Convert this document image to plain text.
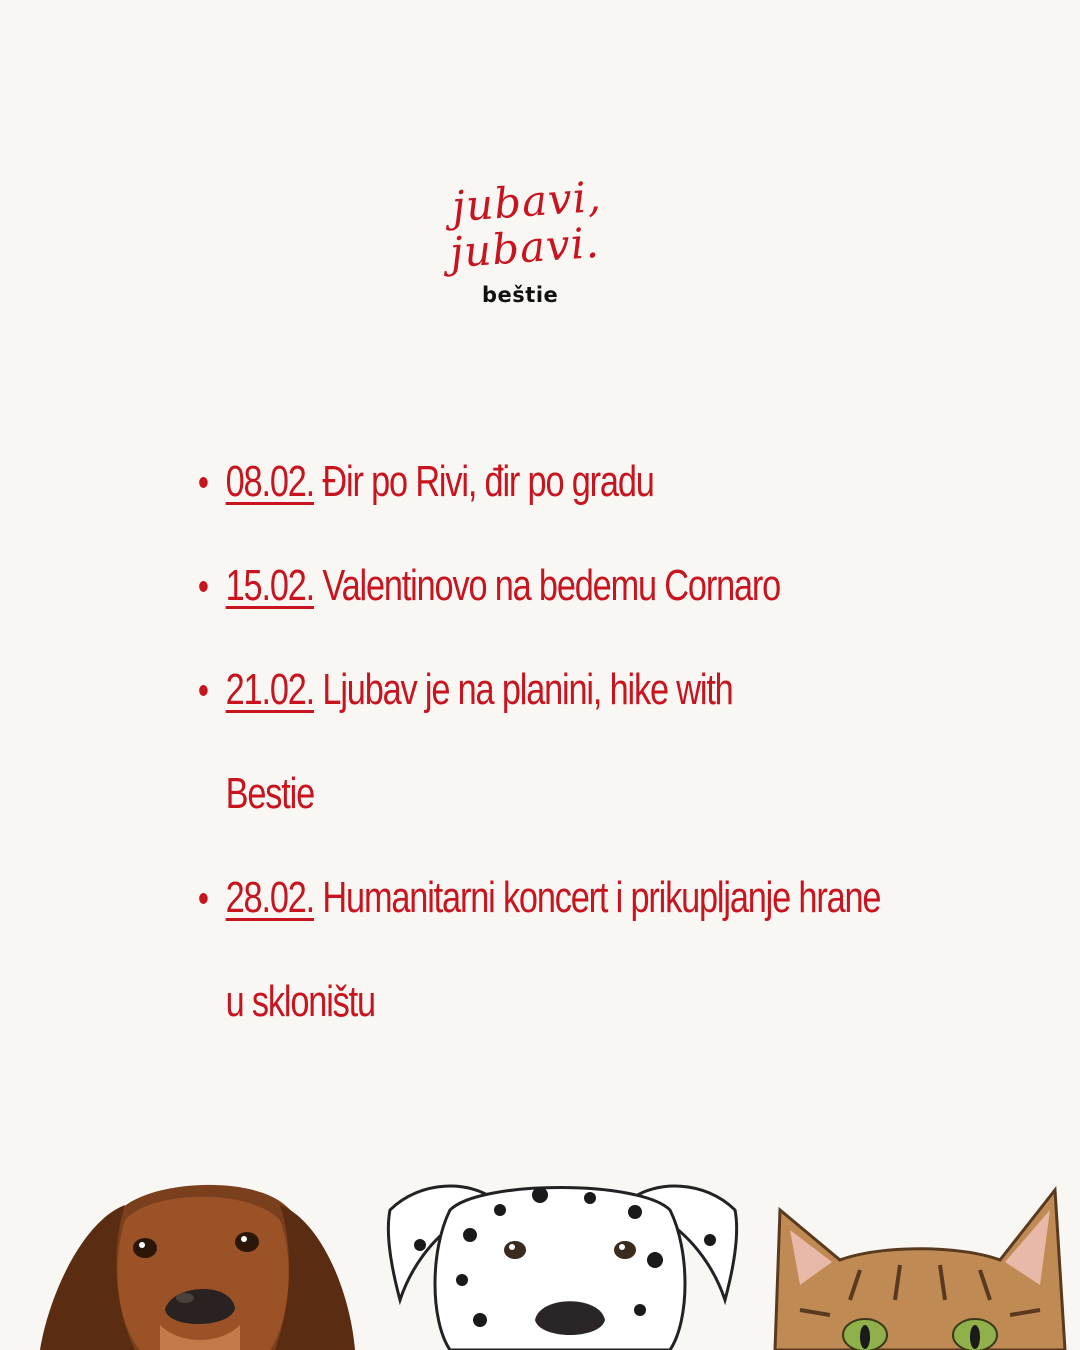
jubavi,
jubavi.
beštie
08.02. Đir po Rivi, đir po gradu
15.02. Valentinovo na bedemu Cornaro
21.02. Ljubav je na planini, hike with Bestie
28.02. Humanitarni koncert i prikupljanje hrane u skloništu
